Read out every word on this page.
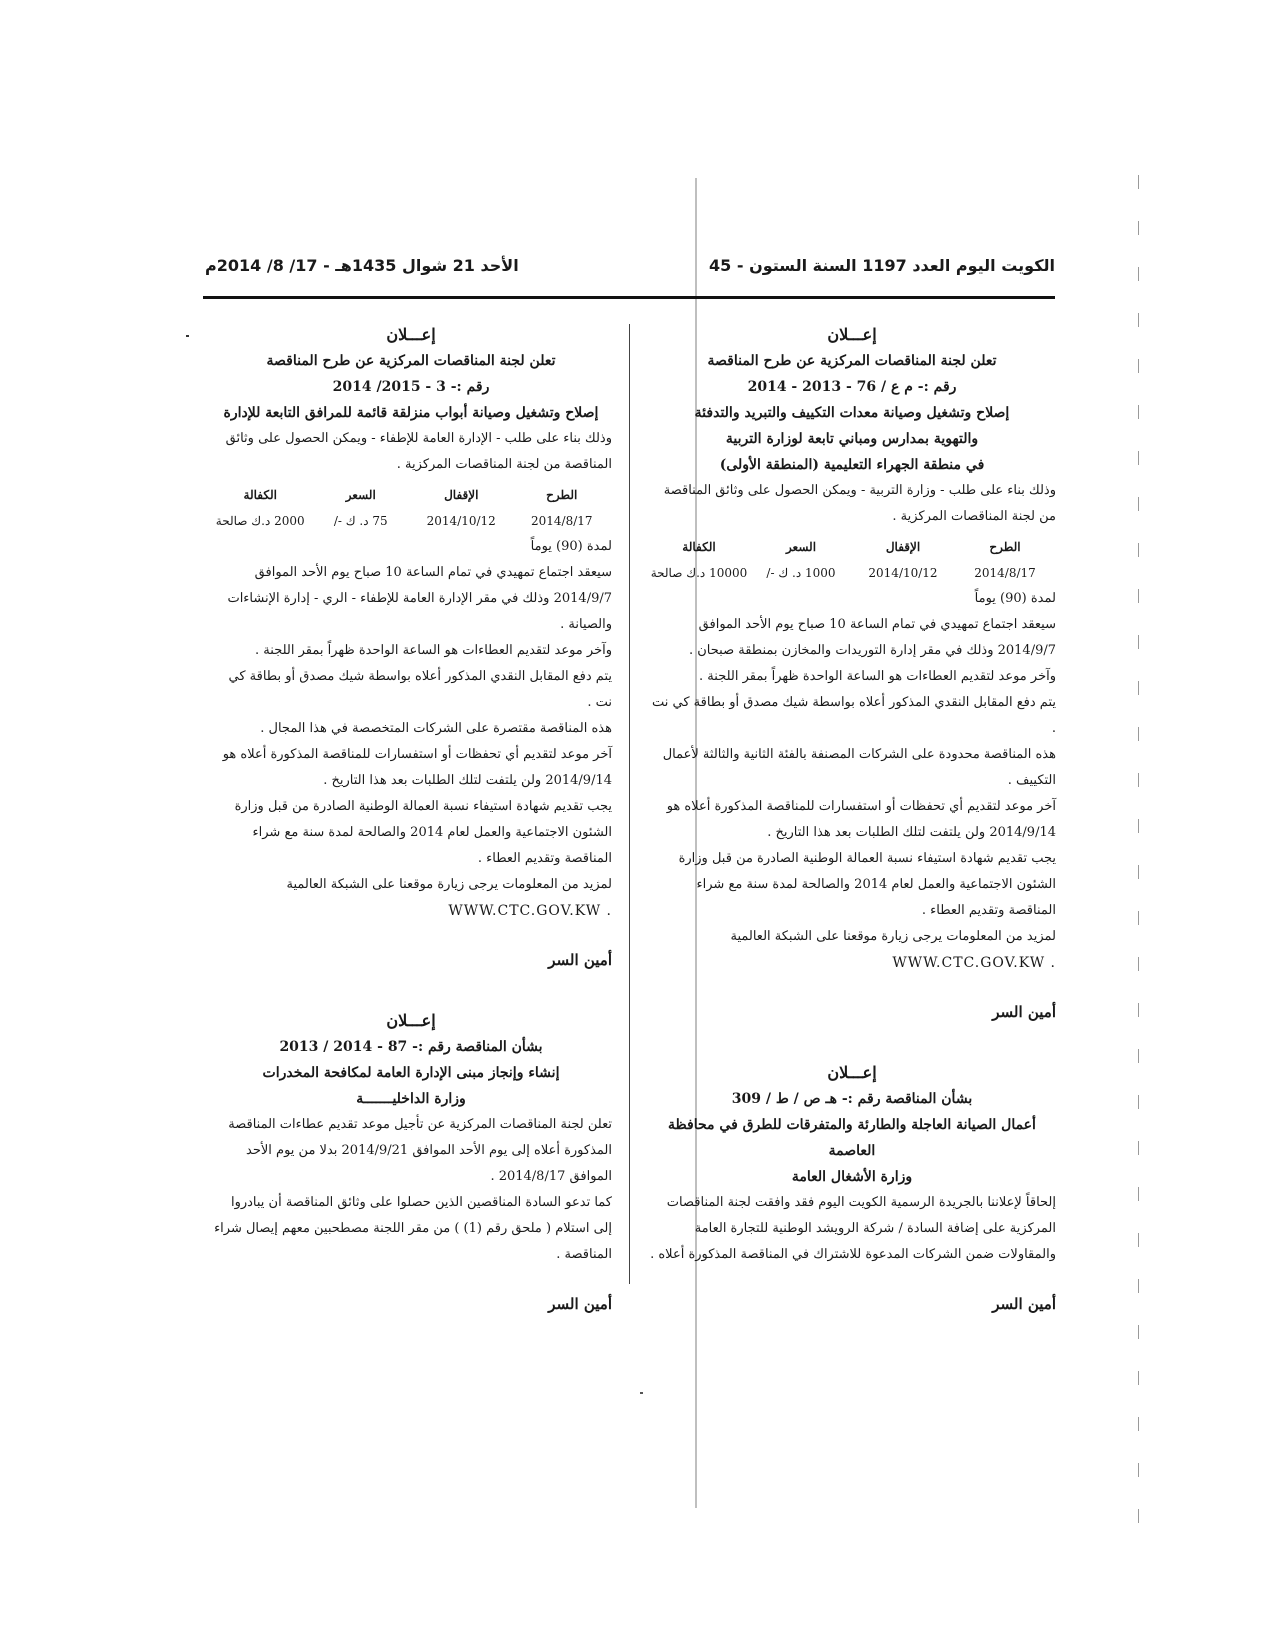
الكويت اليوم العدد 1197 السنة الستون - 45
الأحد 21 شوال 1435هـ - 17/ 8/ 2014م
إعـــلان
تعلن لجنة المناقصات المركزية عن طرح المناقصة
رقم :- م ع / 76 - 2013 - 2014
إصلاح وتشغيل وصيانة معدات التكييف والتبريد والتدفئة
والتهوية بمدارس ومباني تابعة لوزارة التربية
في منطقة الجهراء التعليمية (المنطقة الأولى)

وذلك بناء على طلب - وزارة التربية - ويمكن الحصول على وثائق المناقصة من لجنة المناقصات المركزية .

الطرح
الإقفال
السعر
الكفالة
2014/8/17
2014/10/12
1000 د. ك -/
10000 د.ك صالحة

لمدة (90) يوماً

سيعقد اجتماع تمهيدي في تمام الساعة 10 صباح يوم الأحد الموافق 2014/9/7 وذلك في مقر إدارة التوريدات والمخازن بمنطقة صبحان .

وآخر موعد لتقديم العطاءات هو الساعة الواحدة ظهراً بمقر اللجنة .

يتم دفع المقابل النقدي المذكور أعلاه بواسطة شيك مصدق أو بطاقة كي نت .

هذه المناقصة محدودة على الشركات المصنفة بالفئة الثانية والثالثة لأعمال التكييف .

آخر موعد لتقديم أي تحفظات أو استفسارات للمناقصة المذكورة أعلاه هو 2014/9/14 ولن يلتفت لتلك الطلبات بعد هذا التاريخ .

يجب تقديم شهادة استيفاء نسبة العمالة الوطنية الصادرة من قبل وزارة الشئون الاجتماعية والعمل لعام 2014 والصالحة لمدة سنة مع شراء المناقصة وتقديم العطاء .

لمزيد من المعلومات يرجى زيارة موقعنا على الشبكة العالمية

WWW.CTC.GOV.KW .

أمين السر
إعـــلان
بشأن المناقصة رقم :- هـ ص / ط / 309
أعمال الصيانة العاجلة والطارئة والمتفرقات للطرق في محافظة العاصمة
وزارة الأشغال العامة

إلحاقاً لإعلاننا بالجريدة الرسمية الكويت اليوم فقد وافقت لجنة المناقصات المركزية على إضافة السادة / شركة الرويشد الوطنية للتجارة العامة والمقاولات ضمن الشركات المدعوة للاشتراك في المناقصة المذكورة أعلاه .

أمين السر
إعـــلان
تعلن لجنة المناقصات المركزية عن طرح المناقصة
رقم :- 3 - 2015/ 2014
إصلاح وتشغيل وصيانة أبواب منزلقة قائمة للمرافق التابعة للإدارة

وذلك بناء على طلب - الإدارة العامة للإطفاء - ويمكن الحصول على وثائق المناقصة من لجنة المناقصات المركزية .

الطرح
الإقفال
السعر
الكفالة
2014/8/17
2014/10/12
75 د. ك -/
2000 د.ك صالحة

لمدة (90) يوماً

سيعقد اجتماع تمهيدي في تمام الساعة 10 صباح يوم الأحد الموافق 2014/9/7 وذلك في مقر الإدارة العامة للإطفاء - الري - إدارة الإنشاءات والصيانة .

وآخر موعد لتقديم العطاءات هو الساعة الواحدة ظهراً بمقر اللجنة .

يتم دفع المقابل النقدي المذكور أعلاه بواسطة شيك مصدق أو بطاقة كي نت .

هذه المناقصة مقتصرة على الشركات المتخصصة في هذا المجال .

آخر موعد لتقديم أي تحفظات أو استفسارات للمناقصة المذكورة أعلاه هو 2014/9/14 ولن يلتفت لتلك الطلبات بعد هذا التاريخ .

يجب تقديم شهادة استيفاء نسبة العمالة الوطنية الصادرة من قبل وزارة الشئون الاجتماعية والعمل لعام 2014 والصالحة لمدة سنة مع شراء المناقصة وتقديم العطاء .

لمزيد من المعلومات يرجى زيارة موقعنا على الشبكة العالمية

WWW.CTC.GOV.KW .

أمين السر
إعـــلان
بشأن المناقصة رقم :- 87 - 2014 / 2013
إنشاء وإنجاز مبنى الإدارة العامة لمكافحة المخدرات
وزارة الداخليـــــــة

تعلن لجنة المناقصات المركزية عن تأجيل موعد تقديم عطاءات المناقصة المذكورة أعلاه إلى يوم الأحد الموافق 2014/9/21 بدلا من يوم الأحد الموافق 2014/8/17 .

كما تدعو السادة المناقصين الذين حصلوا على وثائق المناقصة أن يبادروا إلى استلام ( ملحق رقم (1) ) من مقر اللجنة مصطحبين معهم إيصال شراء المناقصة .

أمين السر
